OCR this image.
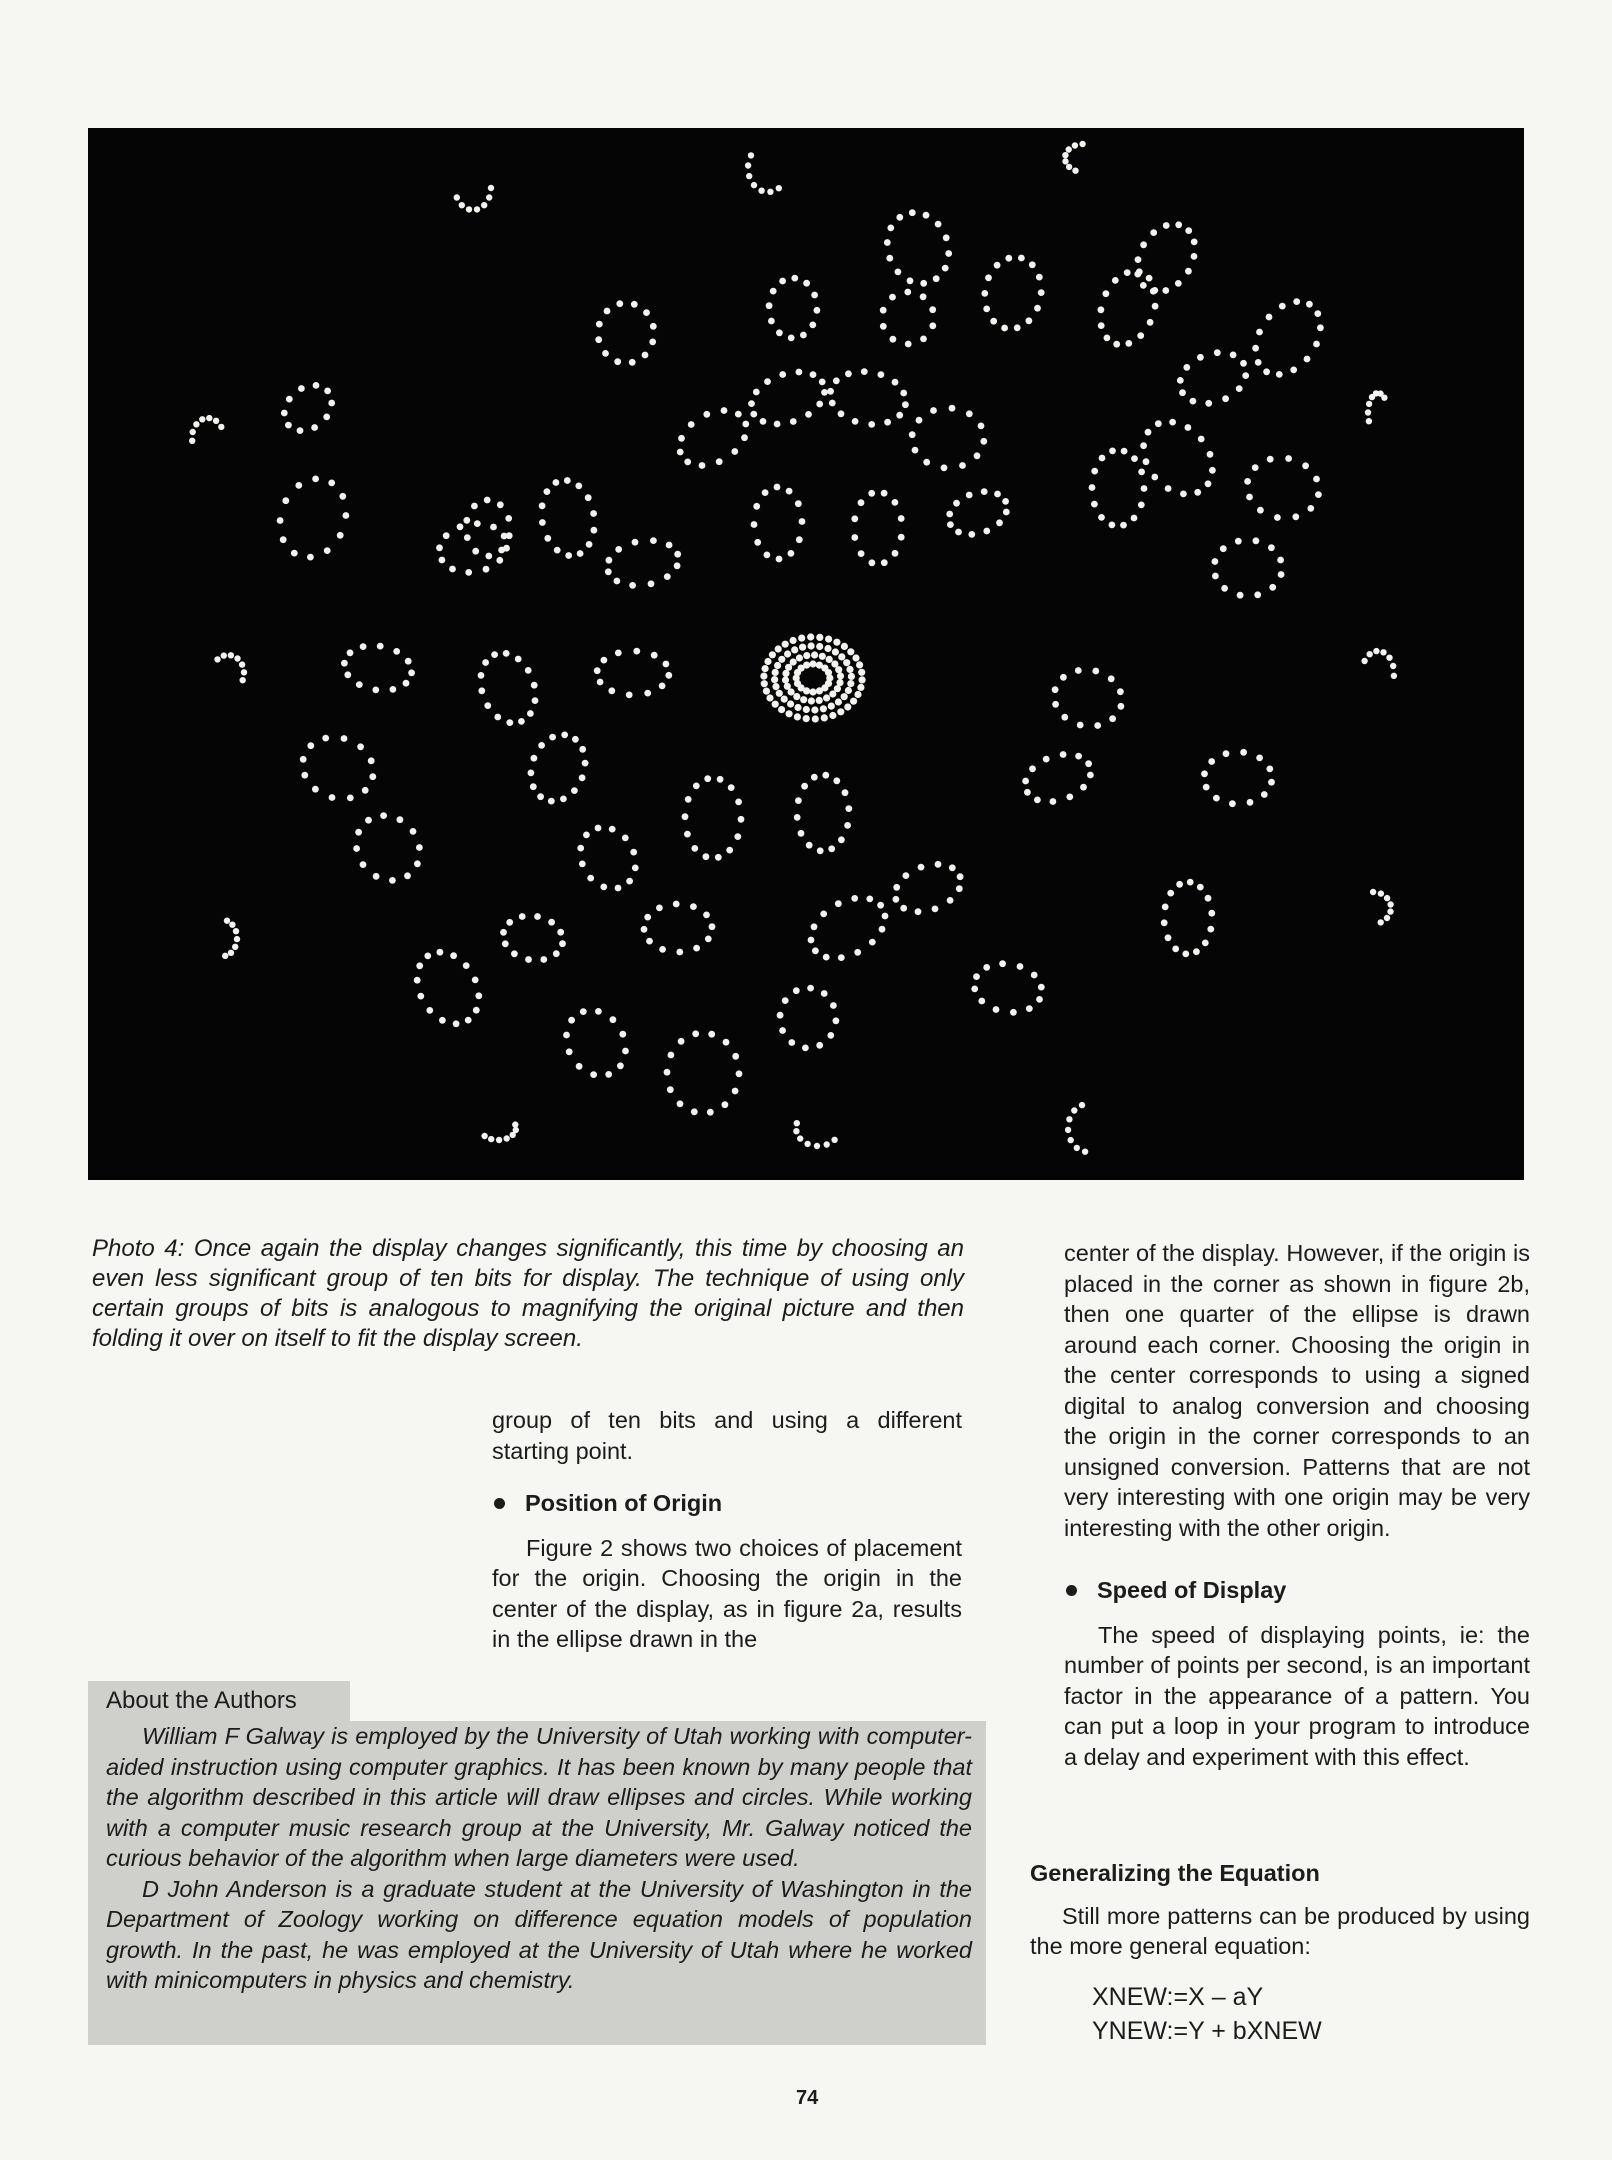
Photo 4: Once again the display changes significantly, this time by choosing an even less significant group of ten bits for display. The technique of using only certain groups of bits is analogous to magnifying the original picture and then folding it over on itself to fit the display screen.

group of ten bits and using a different starting point.

Position of Origin

Figure 2 shows two choices of placement for the origin. Choosing the origin in the center of the display, as in figure 2a, results in the ellipse drawn in the

center of the display. However, if the origin is placed in the corner as shown in figure 2b, then one quarter of the ellipse is drawn around each corner. Choosing the origin in the center corresponds to using a signed digital to analog conversion and choosing the origin in the corner corresponds to an unsigned conversion. Patterns that are not very interesting with one origin may be very interesting with the other origin.

Speed of Display

The speed of displaying points, ie: the number of points per second, is an important factor in the appearance of a pattern. You can put a loop in your program to introduce a delay and experiment with this effect.

Generalizing the Equation

Still more patterns can be produced by using the more general equation:

XNEW:=X – aY
YNEW:=Y + bXNEW
About the Authors

William F Galway is employed by the University of Utah working with computer-aided instruction using computer graphics. It has been known by many people that the algorithm described in this article will draw ellipses and circles. While working with a computer music research group at the University, Mr. Galway noticed the curious behavior of the algorithm when large diameters were used.

D John Anderson is a graduate student at the University of Washington in the Department of Zoology working on difference equation models of population growth. In the past, he was employed at the University of Utah where he worked with minicomputers in physics and chemistry.

74
